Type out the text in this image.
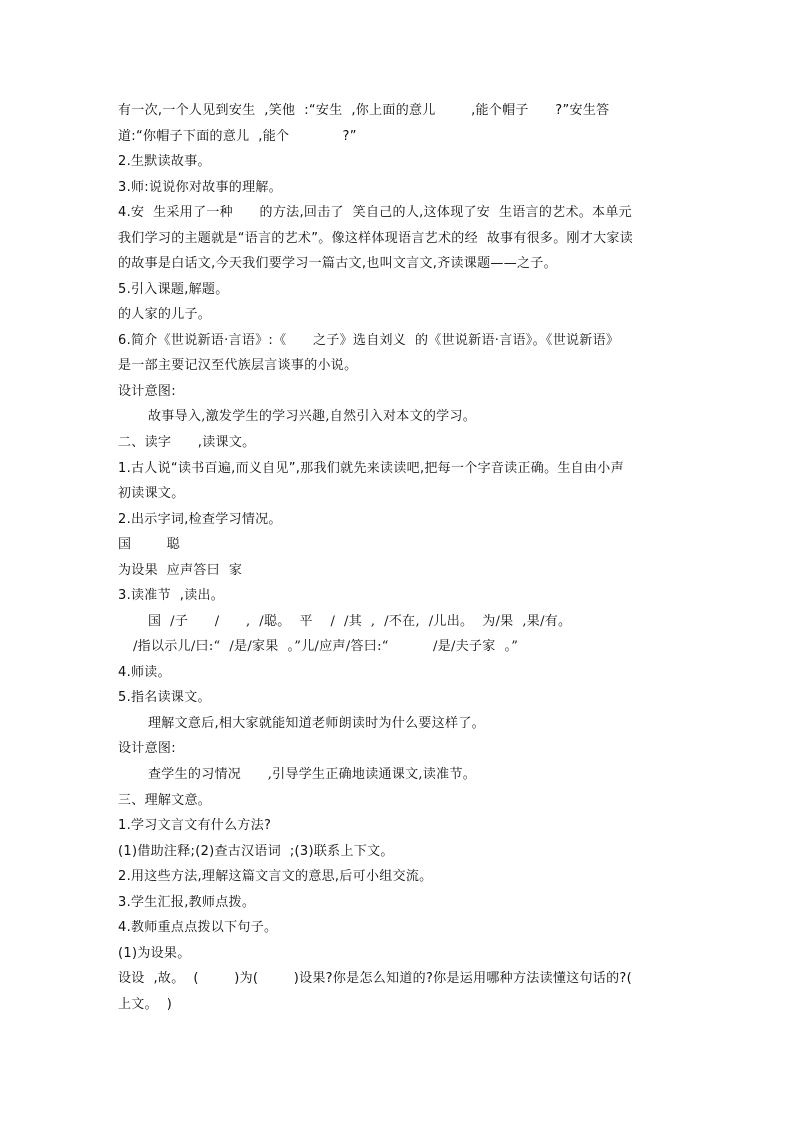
有一次,一个人见到安生  ,笑他  :“安生  ,你上面的意儿        ,能个帽子      ?”安生答
道:“你帽子下面的意儿  ,能个            ?”
2.生默读故事。
3.师:说说你对故事的理解。
4.安  生采用了一种      的方法,回击了  笑自己的人,这体现了安  生语言的艺术。本单元
我们学习的主题就是“语言的艺术”。像这样体现语言艺术的经  故事有很多。刚才大家读
的故事是白话文,今天我们要学习一篇古文,也叫文言文,齐读课题——之子。
5.引入课题,解题。
的人家的儿子。
6.简介《世说新语·言语》:《      之子》选自刘义  的《世说新语·言语》。《世说新语》
是一部主要记汉至代族层言谈事的小说。
设计意图:
故事导入,激发学生的学习兴趣,自然引入对本文的学习。
二、读字      ,读课文。
1.古人说“读书百遍,而义自见”,那我们就先来读读吧,把每一个字音读正确。生自由小声
初读课文。
2.出示字词,检查学习情况。
国        聪
为设果  应声答曰  家
3.读准节  ,读出。
国  /子      /      ,  /聪。  平    /  /其  ,  /不在,  /儿出。  为/果  ,果/有。
/指以示儿/曰:“  /是/家果  。”儿/应声/答曰:“          /是/夫子家  。”
4.师读。
5.指名读课文。
理解文意后,相大家就能知道老师朗读时为什么要这样了。
设计意图:
查学生的习情况      ,引导学生正确地读通课文,读准节。
三、理解文意。
1.学习文言文有什么方法?
(1)借助注释;(2)查古汉语词  ;(3)联系上下文。
2.用这些方法,理解这篇文言文的意思,后可小组交流。
3.学生汇报,教师点拨。
4.教师重点点拨以下句子。
(1)为设果。
设设  ,故。  (        )为(        )设果?你是怎么知道的?你是运用哪种方法读懂这句话的?(
上文。  )
